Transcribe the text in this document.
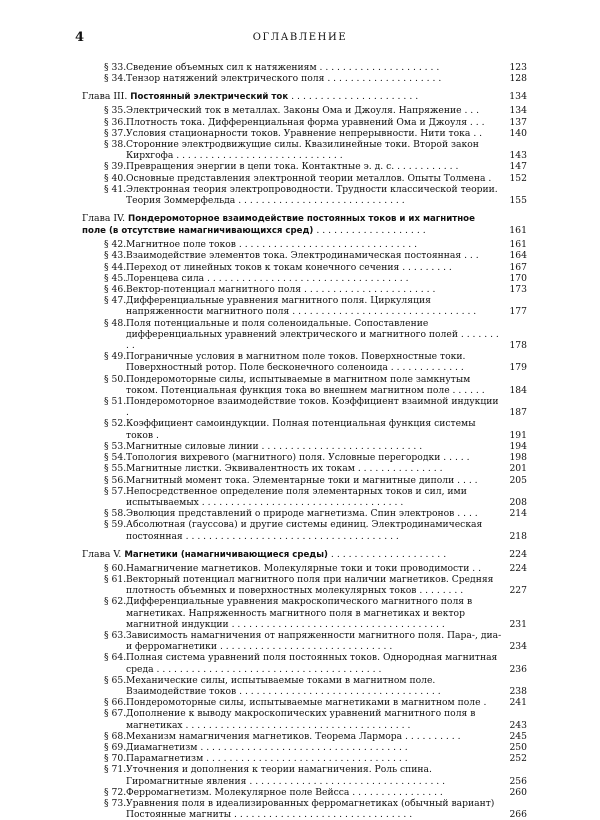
4	ОГЛАВЛЕНИЕ
§ 33. Сведение объемных сил к натяжениям . . . . . . . . . . . . . . . . . . . . .	123
§ 34. Тензор натяжений электрического поля . . . . . . . . . . . . . . . . . . . .	128
Глава III. Постоянный электрический ток . . . . . . . . . . . . . . . . . . . . . .	134
§ 35. Электрический ток в металлах. Законы Ома и Джоуля. Напряжение . . .	134
§ 36. Плотность тока. Дифференциальная форма уравнений Ома и Джоуля . . .	137
§ 37. Условия стационарности токов. Уравнение непрерывности. Нити тока . .	140
§ 38. Сторонние электродвижущие силы. Квазилинейные токи. Второй закон Кирхгофа . . . . . . . . . . . . . . . . . . . . . . . . . . . . .	143
§ 39. Превращения энергии в цепи тока. Контактные э. д. с. . . . . . . . . . . .	147
§ 40. Основные представления электронной теории металлов. Опыты Толмена .	152
§ 41. Электронная теория электропроводности. Трудности классической теории. Теория Зоммерфельда . . . . . . . . . . . . . . . . . . . . . . . . . . . . .	155
Глава IV. Пондеромоторное взаимодействие постоянных токов и их магнитное поле (в отсутствие намагничивающихся сред) . . . . . . . . . . . . . . . . . . .	161
§ 42. Магнитное поле токов . . . . . . . . . . . . . . . . . . . . . . . . . . . . . . .	161
§ 43. Взаимодействие элементов тока. Электродинамическая постоянная . . .	164
§ 44. Переход от линейных токов к токам конечного сечения . . . . . . . . .	167
§ 45. Лоренцева сила . . . . . . . . . . . . . . . . . . . . . . . . . . . . . . . . . . .	170
§ 46. Вектор-потенциал магнитного поля . . . . . . . . . . . . . . . . . . . . . . .	173
§ 47. Дифференциальные уравнения магнитного поля. Циркуляция напряженности магнитного поля . . . . . . . . . . . . . . . . . . . . . . . . . . . . . . . .	177
§ 48. Поля потенциальные и поля соленоидальные. Сопоставление дифференциальных уравнений электрического и магнитного полей . . . . . . . . .	178
§ 49. Пограничные условия в магнитном поле токов. Поверхностные токи. Поверхностный ротор. Поле бесконечного соленоида . . . . . . . . . . . . .	179
§ 50. Пондеромоторные силы, испытываемые в магнитном поле замкнутым током. Потенциальная функция тока во внешнем магнитном поле . . . . . .	184
§ 51. Пондеромоторное взаимодействие токов. Коэффициент взаимной индукции .	187
§ 52. Коэффициент самоиндукции. Полная потенциальная функция системы токов .	191
§ 53. Магнитные силовые линии . . . . . . . . . . . . . . . . . . . . . . . . . . . .	194
§ 54. Топология вихревого (магнитного) поля. Условные перегородки . . . . .	198
§ 55. Магнитные листки. Эквивалентность их токам . . . . . . . . . . . . . . .	201
§ 56. Магнитный момент тока. Элементарные токи и магнитные диполи . . . .	205
§ 57. Непосредственное определение поля элементарных токов и сил, ими испытываемых . . . . . . . . . . . . . . . . . . . . . . . . . . . . . . . . . . .	208
§ 58. Эволюция представлений о природе магнетизма. Спин электронов . . . .	214
§ 59. Абсолютная (гауссова) и другие системы единиц. Электродинамическая постоянная . . . . . . . . . . . . . . . . . . . . . . . . . . . . . . . . . . . . .	218
Глава V. Магнетики (намагничивающиеся среды) . . . . . . . . . . . . . . . . . . . .	224
§ 60. Намагничение магнетиков. Молекулярные токи и токи проводимости . .	224
§ 61. Векторный потенциал магнитного поля при наличии магнетиков. Средняя плотность объемных и поверхностных молекулярных токов . . . . . . . .	227
§ 62. Дифференциальные уравнения макроскопического магнитного поля в магнетиках. Напряженность магнитного поля в магнетиках и вектор магнитной индукции . . . . . . . . . . . . . . . . . . . . . . . . . . . . . . . . . . . . .	231
§ 63. Зависимость намагничения от напряженности магнитного поля. Пара-, диа- и ферромагнетики . . . . . . . . . . . . . . . . . . . . . . . . . . . . . .	234
§ 64. Полная система уравнений поля постоянных токов. Однородная магнитная среда . . . . . . . . . . . . . . . . . . . . . . . . . . . . . . . . . . . . . . .	236
§ 65. Механические силы, испытываемые токами в магнитном поле. Взаимодействие токов . . . . . . . . . . . . . . . . . . . . . . . . . . . . . . . . . . .	238
§ 66. Пондеромоторные силы, испытываемые магнетиками в магнитном поле .	241
§ 67. Дополнение к выводу макроскопических уравнений магнитного поля в магнетиках . . . . . . . . . . . . . . . . . . . . . . . . . . . . . . . . . . . . . . .	243
§ 68. Механизм намагничения магнетиков. Теорема Лармора . . . . . . . . . .	245
§ 69. Диамагнетизм . . . . . . . . . . . . . . . . . . . . . . . . . . . . . . . . . . . .	250
§ 70. Парамагнетизм . . . . . . . . . . . . . . . . . . . . . . . . . . . . . . . . . . .	252
§ 71. Уточнения и дополнения к теории намагничения. Роль спина. Гиромагнитные явления . . . . . . . . . . . . . . . . . . . . . . . . . . . . . . . . . .	256
§ 72. Ферромагнетизм. Молекулярное поле Вейсса . . . . . . . . . . . . . . . .	260
§ 73. Уравнения поля в идеализированных ферромагнетиках (обычный вариант) Постоянные магниты . . . . . . . . . . . . . . . . . . . . . . . . . . . . . . .	266
